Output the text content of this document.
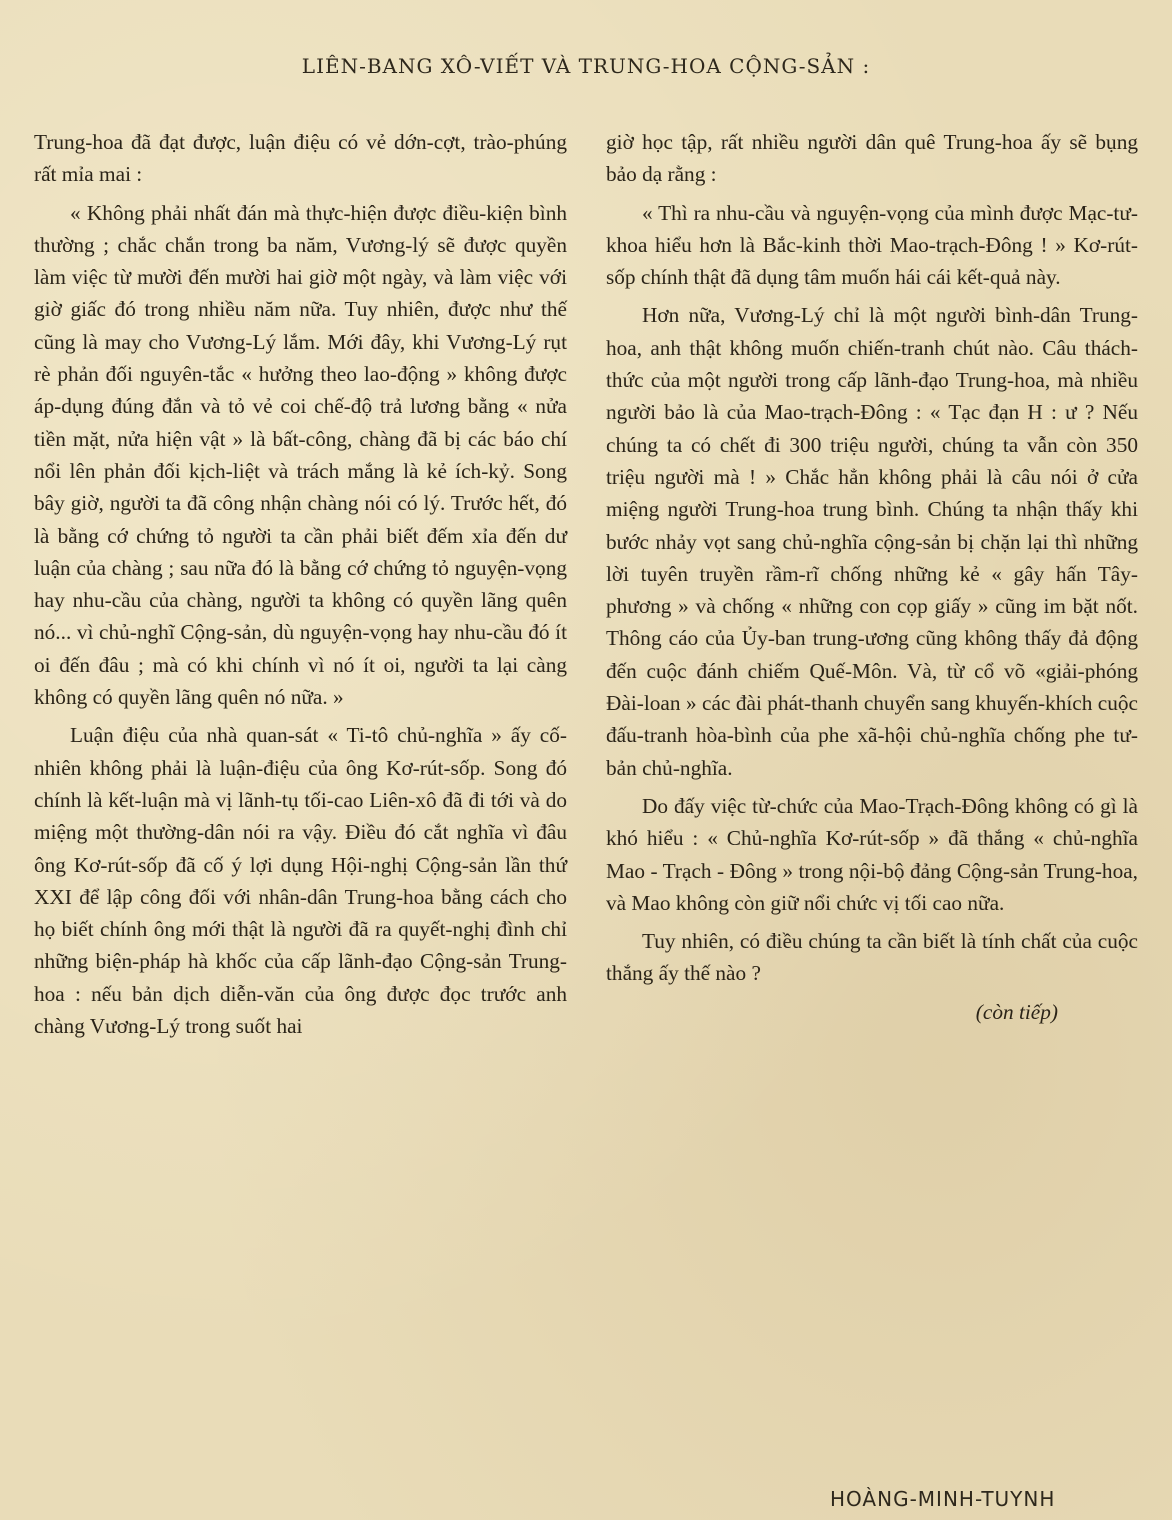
LIÊN-BANG XÔ-VIẾT VÀ TRUNG-HOA CỘNG-SẢN :

Trung-hoa đã đạt được, luận điệu có vẻ dớn-cợt, trào-phúng rất mỉa mai :

« Không phải nhất đán mà thực-hiện được điều-kiện bình thường ; chắc chắn trong ba năm, Vương-lý sẽ được quyền làm việc từ mười đến mười hai giờ một ngày, và làm việc với giờ giấc đó trong nhiều năm nữa. Tuy nhiên, được như thế cũng là may cho Vương-Lý lắm. Mới đây, khi Vương-Lý rụt rè phản đối nguyên-tắc « hưởng theo lao-động » không được áp-dụng đúng đắn và tỏ vẻ coi chế-độ trả lương bằng « nửa tiền mặt, nửa hiện vật » là bất-công, chàng đã bị các báo chí nổi lên phản đối kịch-liệt và trách mắng là kẻ ích-kỷ. Song bây giờ, người ta đã công nhận chàng nói có lý. Trước hết, đó là bằng cớ chứng tỏ người ta cần phải biết đếm xỉa đến dư luận của chàng ; sau nữa đó là bằng cớ chứng tỏ nguyện-vọng hay nhu-cầu của chàng, người ta không có quyền lãng quên nó... vì chủ-nghĩ Cộng-sản, dù nguyện-vọng hay nhu-cầu đó ít oi đến đâu ; mà có khi chính vì nó ít oi, người ta lại càng không có quyền lãng quên nó nữa. »

Luận điệu của nhà quan-sát « Ti-tô chủ-nghĩa » ấy cố-nhiên không phải là luận-điệu của ông Kơ-rút-sốp. Song đó chính là kết-luận mà vị lãnh-tụ tối-cao Liên-xô đã đi tới và do miệng một thường-dân nói ra vậy. Điều đó cắt nghĩa vì đâu ông Kơ-rút-sốp đã cố ý lợi dụng Hội-nghị Cộng-sản lần thứ XXI để lập công đối với nhân-dân Trung-hoa bằng cách cho họ biết chính ông mới thật là người đã ra quyết-nghị đình chỉ những biện-pháp hà khốc của cấp lãnh-đạo Cộng-sản Trung-hoa : nếu bản dịch diễn-văn của ông được đọc trước anh chàng Vương-Lý trong suốt hai

giờ học tập, rất nhiều người dân quê Trung-hoa ấy sẽ bụng bảo dạ rằng :

« Thì ra nhu-cầu và nguyện-vọng của mình được Mạc-tư-khoa hiểu hơn là Bắc-kinh thời Mao-trạch-Đông ! » Kơ-rút-sốp chính thật đã dụng tâm muốn hái cái kết-quả này.

Hơn nữa, Vương-Lý chỉ là một người bình-dân Trung-hoa, anh thật không muốn chiến-tranh chút nào. Câu thách-thức của một người trong cấp lãnh-đạo Trung-hoa, mà nhiều người bảo là của Mao-trạch-Đông : « Tạc đạn H : ư ? Nếu chúng ta có chết đi 300 triệu người, chúng ta vẫn còn 350 triệu người mà ! » Chắc hẳn không phải là câu nói ở cửa miệng người Trung-hoa trung bình. Chúng ta nhận thấy khi bước nhảy vọt sang chủ-nghĩa cộng-sản bị chặn lại thì những lời tuyên truyền rầm-rĩ chống những kẻ « gây hấn Tây-phương » và chống « những con cọp giấy » cũng im bặt nốt. Thông cáo của Ủy-ban trung-ương cũng không thấy đả động đến cuộc đánh chiếm Quế-Môn. Và, từ cổ võ «giải-phóng Đài-loan » các đài phát-thanh chuyển sang khuyến-khích cuộc đấu-tranh hòa-bình của phe xã-hội chủ-nghĩa chống phe tư-bản chủ-nghĩa.

Do đấy việc từ-chức của Mao-Trạch-Đông không có gì là khó hiểu : « Chủ-nghĩa Kơ-rút-sốp » đã thắng « chủ-nghĩa Mao - Trạch - Đông » trong nội-bộ đảng Cộng-sản Trung-hoa, và Mao không còn giữ nổi chức vị tối cao nữa.

Tuy nhiên, có điều chúng ta cần biết là tính chất của cuộc thắng ấy thế nào ?

(còn tiếp)
HOÀNG-MINH-TUYNH
